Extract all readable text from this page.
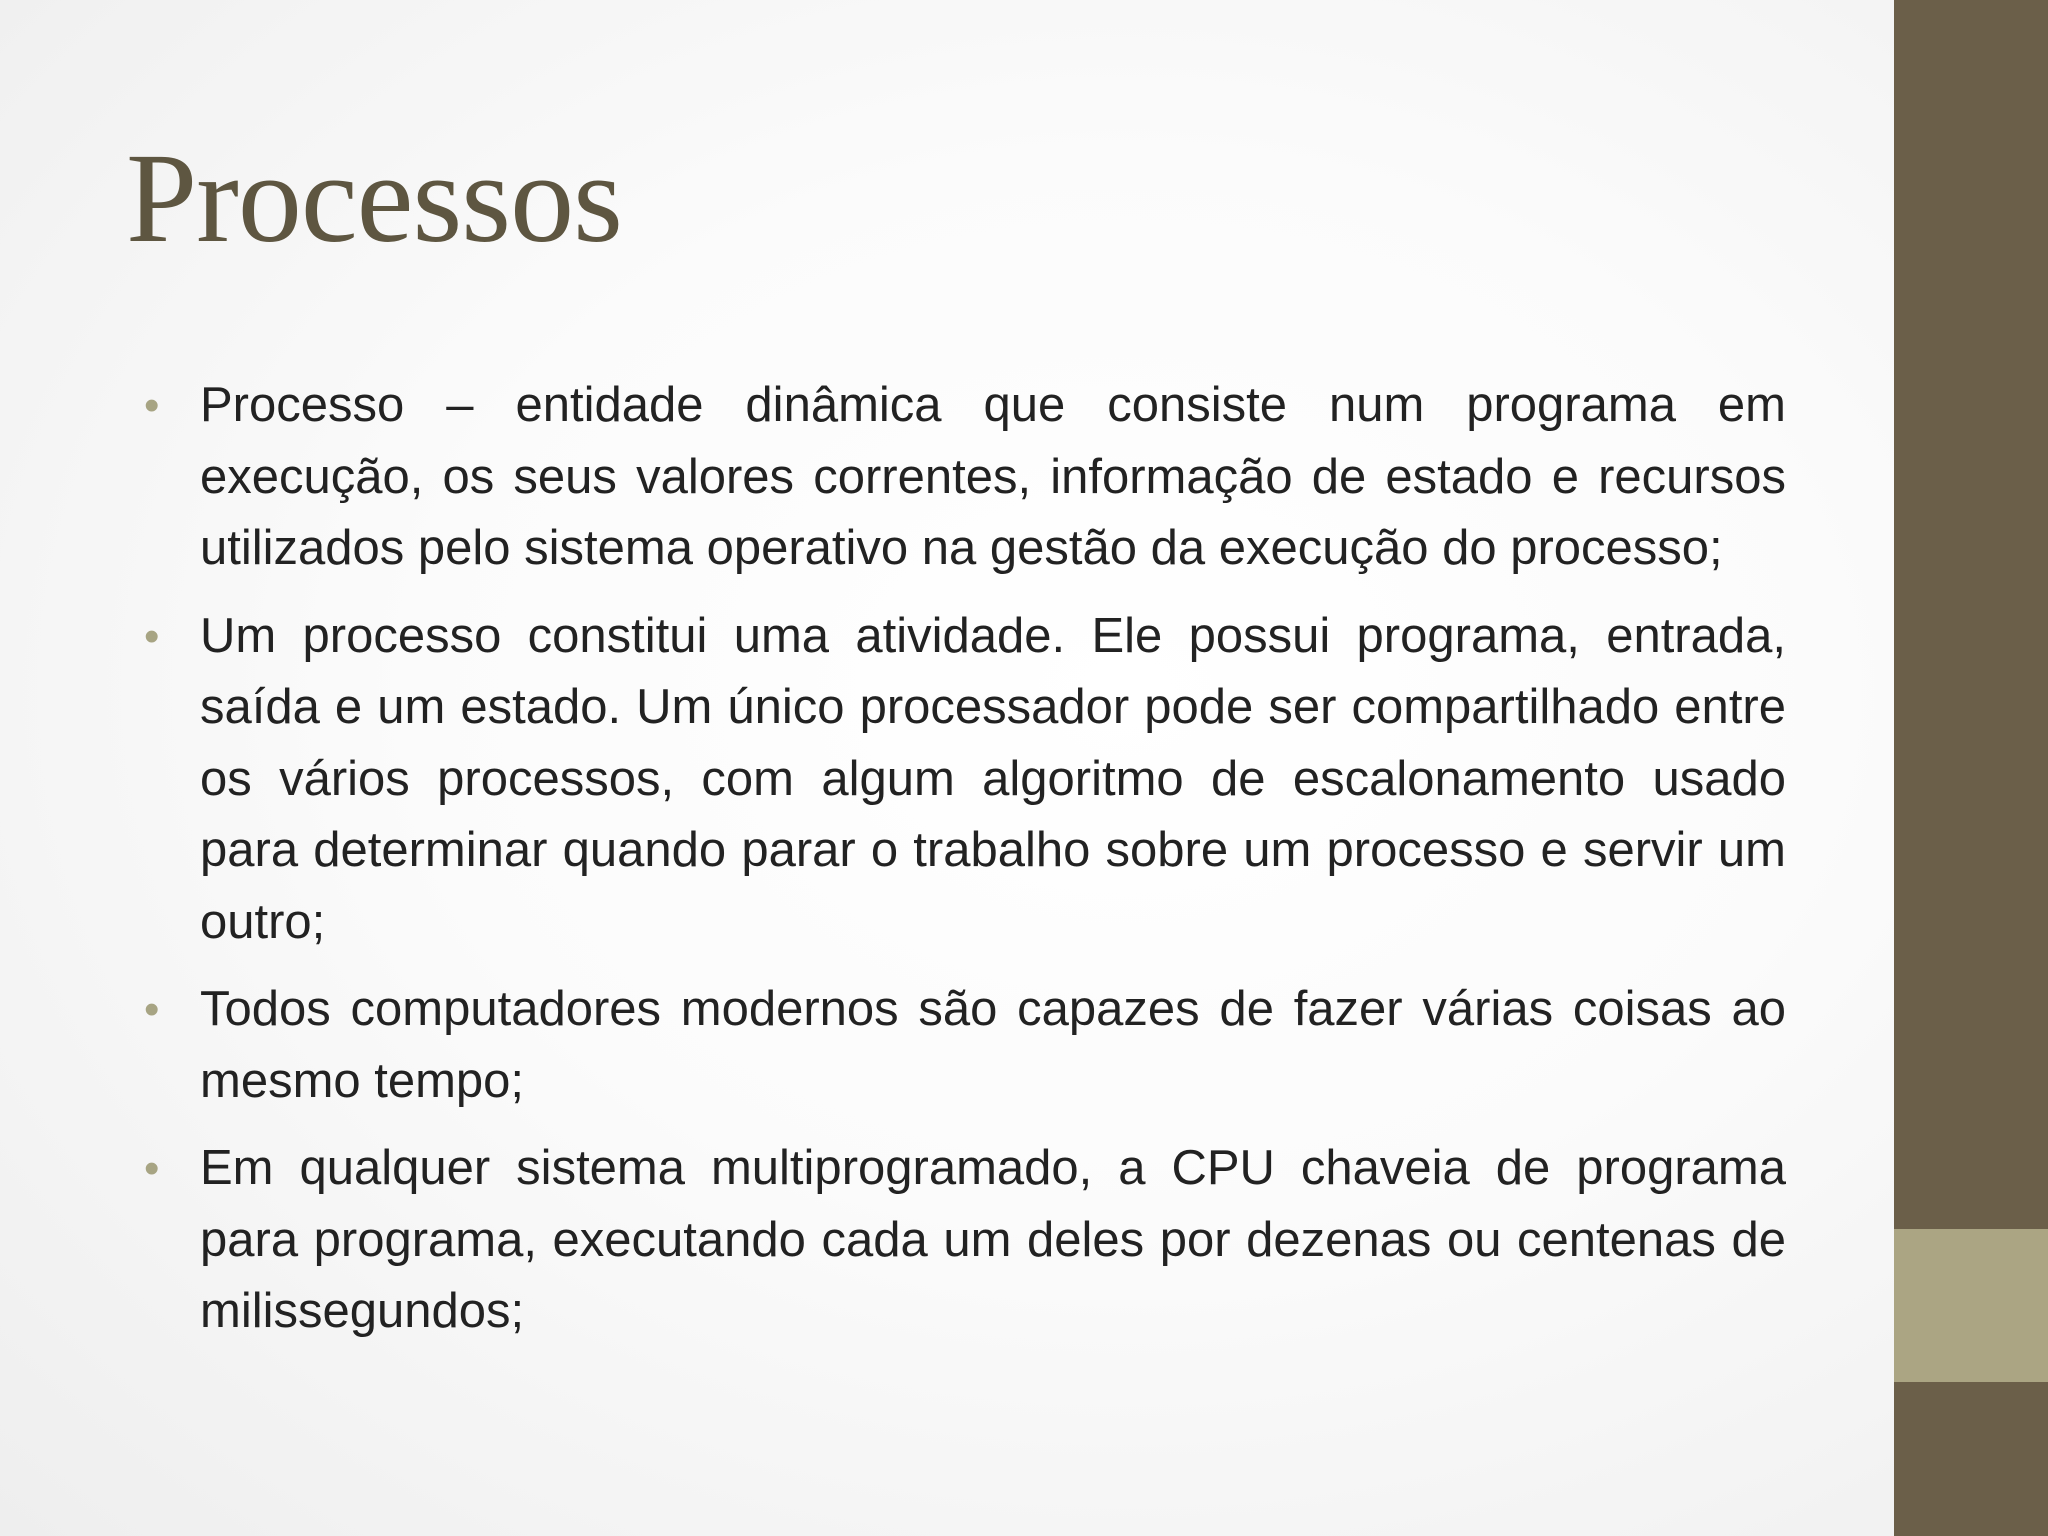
Processos
• Processo – entidade dinâmica que consiste num programa em execução, os seus valores correntes, informação de estado e recursos utilizados pelo sistema operativo na gestão da execução do processo;
• Um processo constitui uma atividade. Ele possui programa, entrada, saída e um estado. Um único processador pode ser compartilhado entre os vários processos, com algum algoritmo de escalonamento usado para determinar quando parar o trabalho sobre um processo e servir um outro;
• Todos computadores modernos são capazes de fazer várias coisas ao mesmo tempo;
• Em qualquer sistema multiprogramado, a CPU chaveia de programa para programa, executando cada um deles por dezenas ou centenas de milissegundos;
